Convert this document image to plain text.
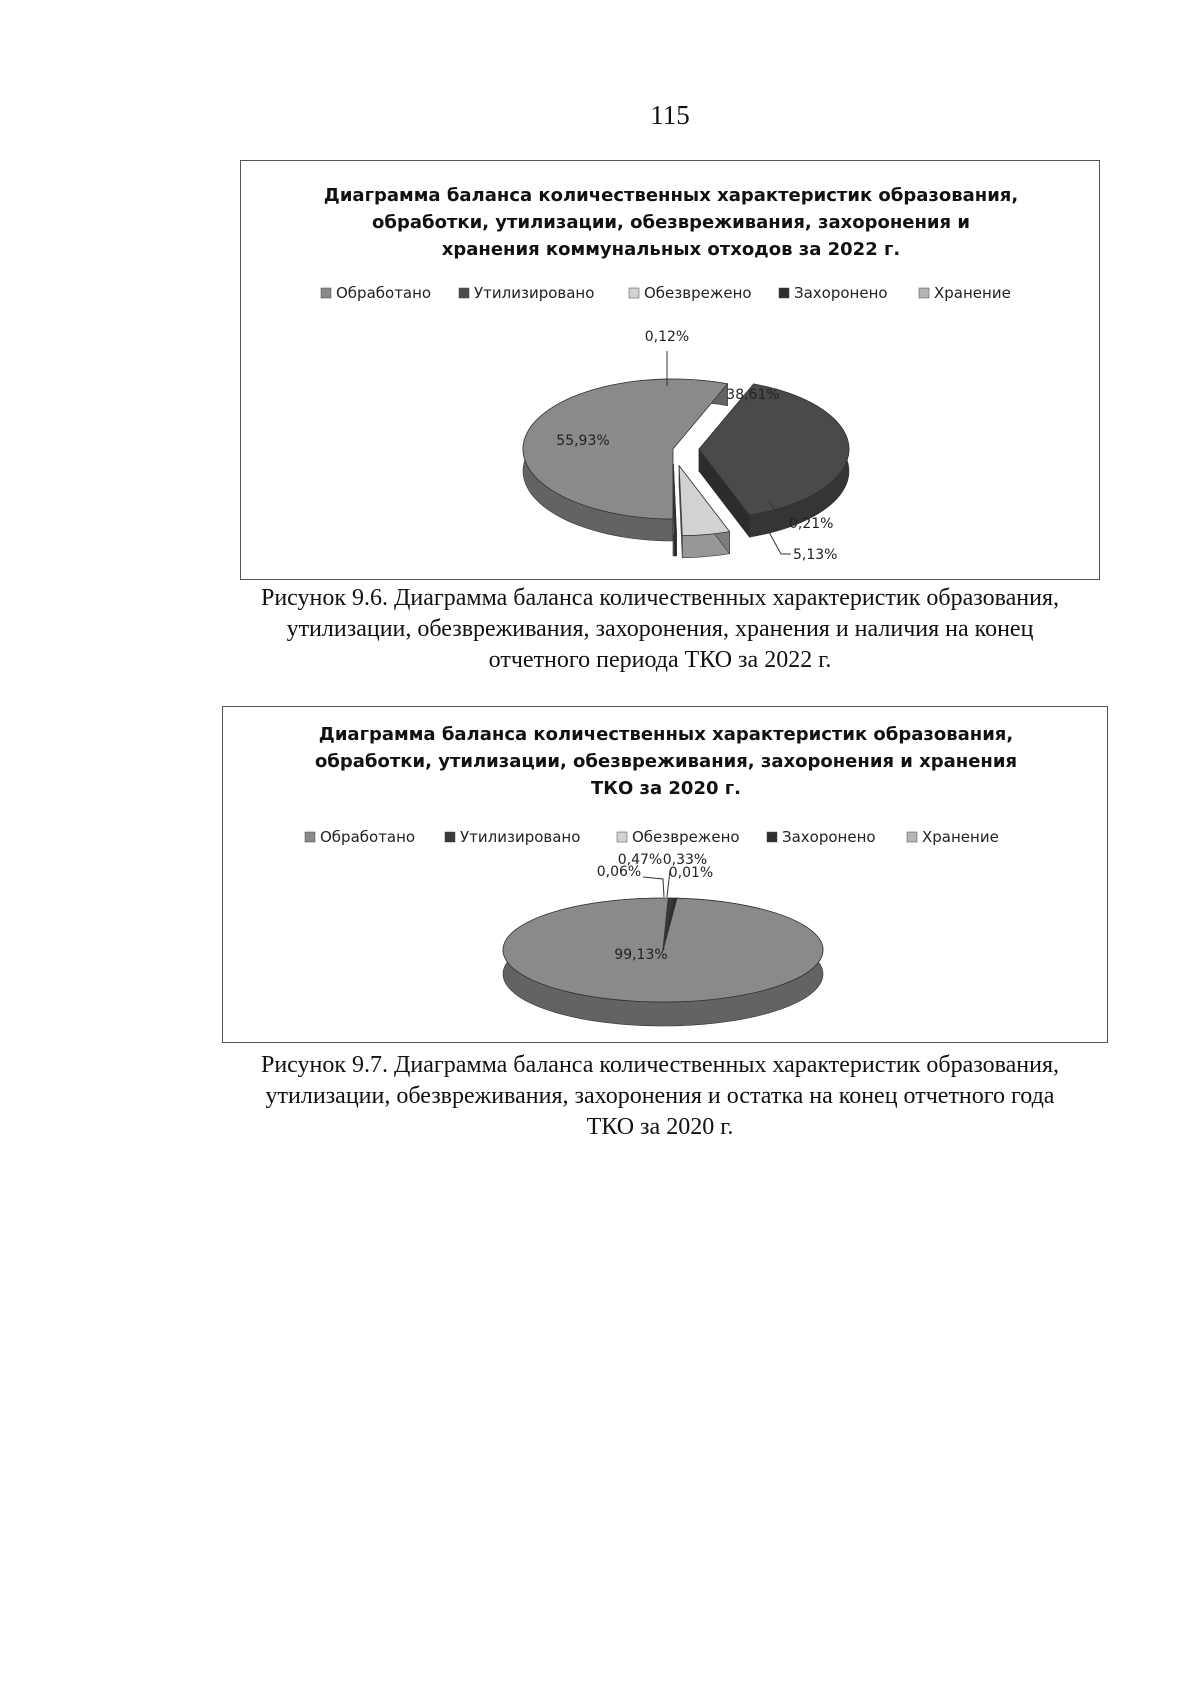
115
Диаграмма баланса количественных характеристик образования,
обработки, утилизации, обезвреживания, захоронения и
хранения коммунальных отходов за 2022 г.
Обработано	Утилизировано	Обезврежено	Захоронено	Хранение
55,93%
38,61%
0,12%
0,21%
5,13%
Рисунок 9.6. Диаграмма баланса количественных характеристик образования,
утилизации, обезвреживания, захоронения, хранения и наличия на конец
отчетного периода ТКО за 2022 г.
Диаграмма баланса количественных характеристик образования,
обработки, утилизации, обезвреживания, захоронения и хранения
ТКО за 2020 г.
Обработано	Утилизировано	Обезврежено	Захоронено	Хранение
99,13%
0,47% 0,33%
0,06% 0,01%
Рисунок 9.7. Диаграмма баланса количественных характеристик образования,
утилизации, обезвреживания, захоронения и остатка на конец отчетного года
ТКО за 2020 г.
